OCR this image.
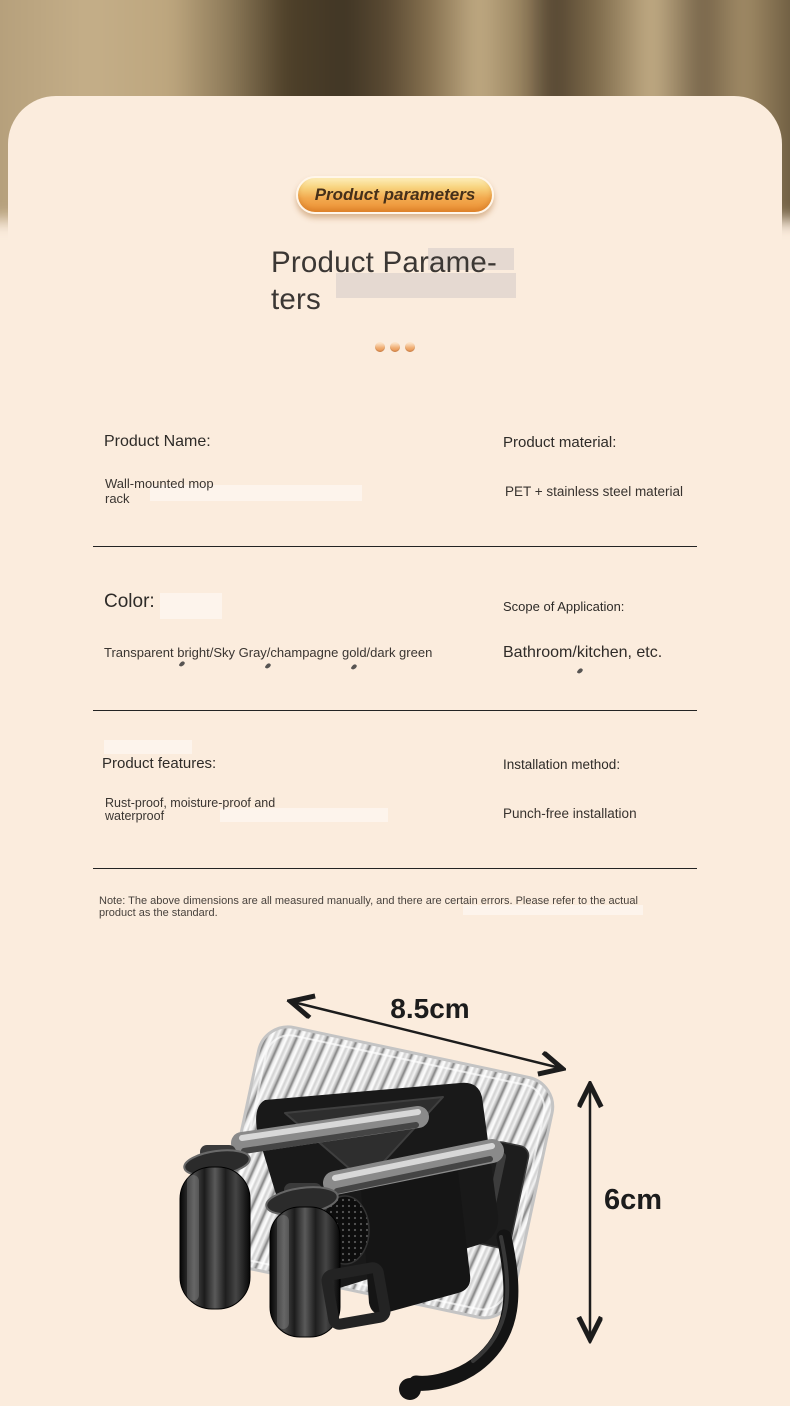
Product parameters
Product Parame-
ters
Product Name:
Wall-mounted mop rack
Product material:
PET + stainless steel material
Color:
Transparent bright/Sky Gray/champagne gold/dark green
Scope of Application:
Bathroom/kitchen, etc.
Product features:
Rust-proof, moisture-proof and waterproof
Installation method:
Punch-free installation
Note: The above dimensions are all measured manually, and there are certain errors. Please refer to the actual product as the standard.
8.5cm
6cm
